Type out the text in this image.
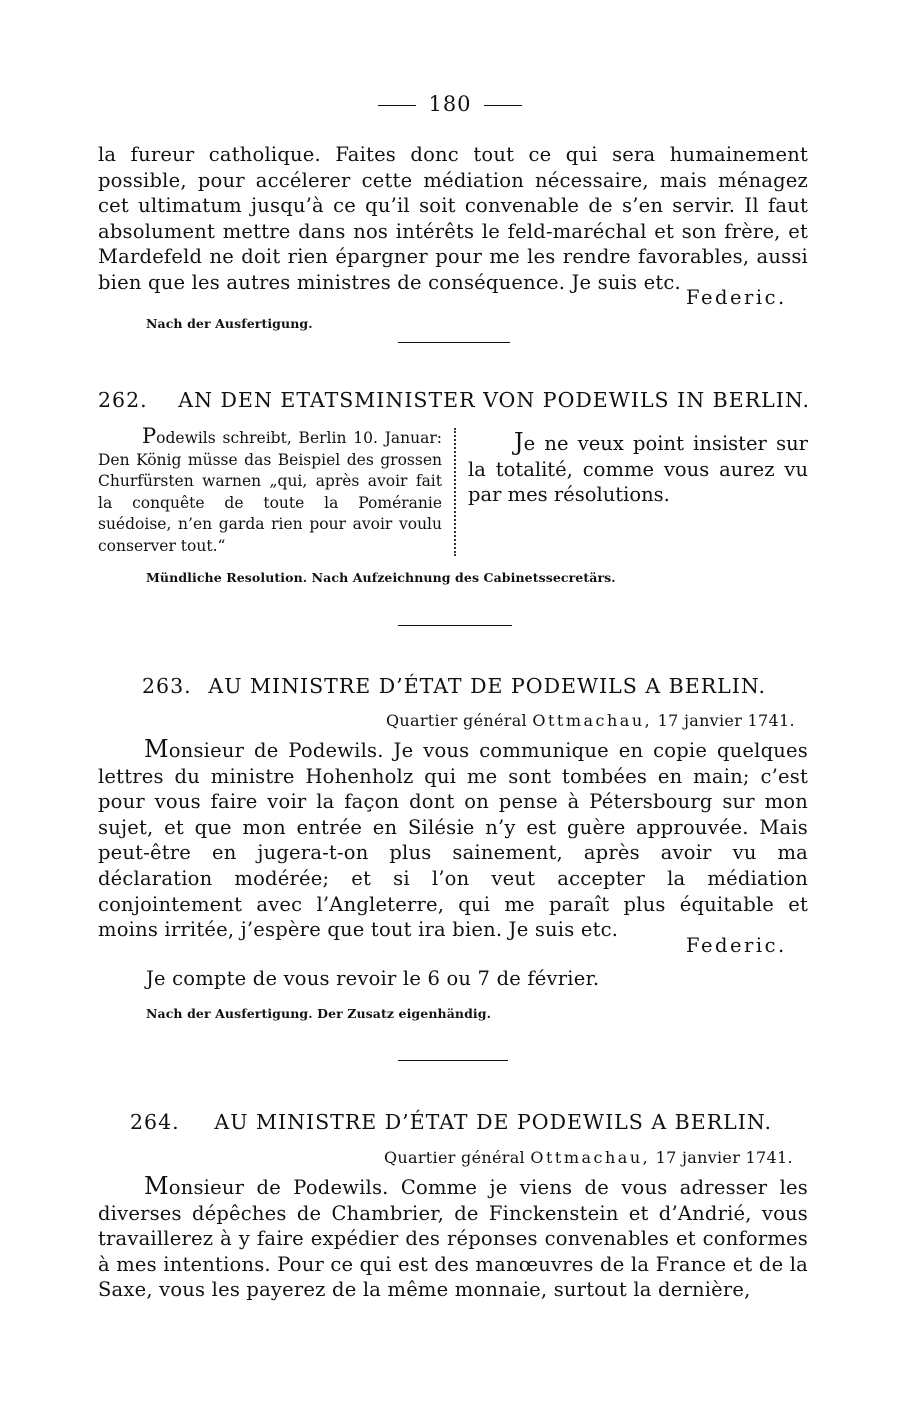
180
la fureur catholique. Faites donc tout ce qui sera humainement possible, pour accélerer cette médiation nécessaire, mais ménagez cet ultimatum jusqu’à ce qu’il soit convenable de s’en servir. Il faut absolument mettre dans nos intérêts le feld-maréchal et son frère, et Mardefeld ne doit rien épargner pour me les rendre favorables, aussi bien que les autres ministres de conséquence. Je suis etc.
Federic.
Nach der Ausfertigung.
262. AN DEN ETATSMINISTER VON PODEWILS IN BERLIN.
Podewils schreibt, Berlin 10. Januar: Den König müsse das Beispiel des grossen Churfürsten warnen „qui, après avoir fait la conquête de toute la Poméranie suédoise, n’en garda rien pour avoir voulu conserver tout.“
Je ne veux point insister sur la totalité, comme vous aurez vu par mes résolutions.
Mündliche Resolution. Nach Aufzeichnung des Cabinetssecretärs.
263. AU MINISTRE D’ÉTAT DE PODEWILS A BERLIN.
Quartier général Ottmachau, 17 janvier 1741.
Monsieur de Podewils. Je vous communique en copie quelques lettres du ministre Hohenholz qui me sont tombées en main; c’est pour vous faire voir la façon dont on pense à Pétersbourg sur mon sujet, et que mon entrée en Silésie n’y est guère approuvée. Mais peut-être en jugera-t-on plus sainement, après avoir vu ma déclaration modérée; et si l’on veut accepter la médiation conjointement avec l’Angleterre, qui me paraît plus équitable et moins irritée, j’espère que tout ira bien. Je suis etc.
Federic.
Je compte de vous revoir le 6 ou 7 de février.
Nach der Ausfertigung. Der Zusatz eigenhändig.
264. AU MINISTRE D’ÉTAT DE PODEWILS A BERLIN.
Quartier général Ottmachau, 17 janvier 1741.
Monsieur de Podewils. Comme je viens de vous adresser les diverses dépêches de Chambrier, de Finckenstein et d’Andrié, vous travaillerez à y faire expédier des réponses convenables et conformes à mes intentions. Pour ce qui est des manœuvres de la France et de la Saxe, vous les payerez de la même monnaie, surtout la dernière,
